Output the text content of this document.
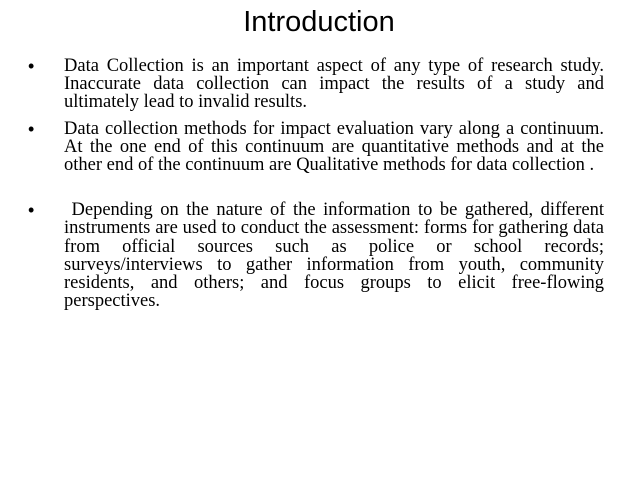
Introduction
• Data Collection is an important aspect of any type of research study. Inaccurate data collection can impact the results of a study and ultimately lead to invalid results.
• Data collection methods for impact evaluation vary along a continuum. At the one end of this continuum are quantitative methods and at the other end of the continuum are Qualitative methods for data collection .
• Depending on the nature of the information to be gathered, different instruments are used to conduct the assessment: forms for gathering data from official sources such as police or school records; surveys/interviews to gather information from youth, community residents, and others; and focus groups to elicit free-flowing perspectives.
